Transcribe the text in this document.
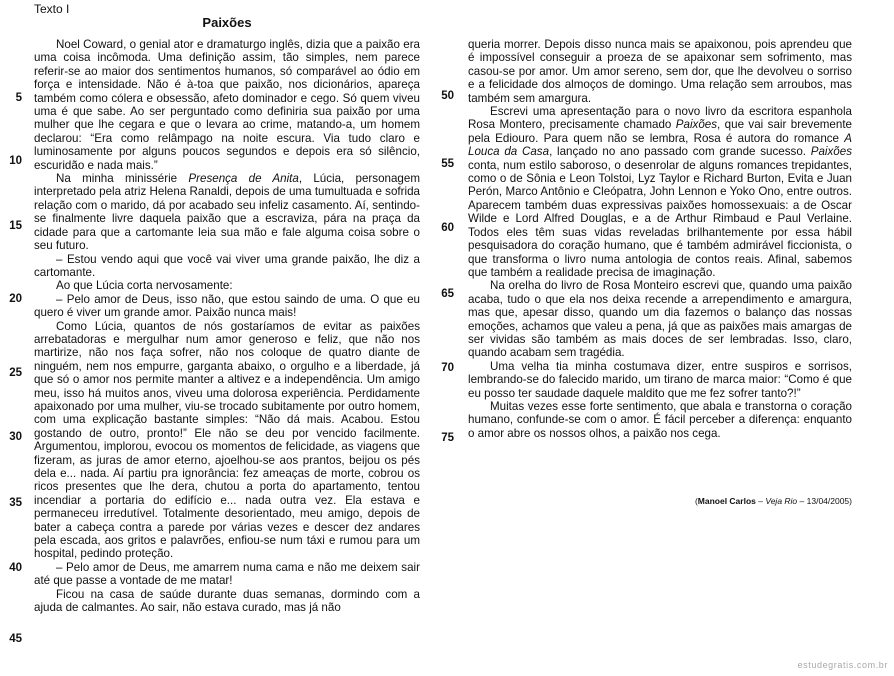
Texto I
Paixões
5
10
15
20
25
30
35
40
45
50
55
60
65
70
75

Noel Coward, o genial ator e dramaturgo inglês, dizia que a paixão era uma coisa incômoda. Uma definição assim, tão simples, nem parece referir-se ao maior dos sentimentos humanos, só comparável ao ódio em força e intensidade. Não é à-toa que paixão, nos dicionários, apareça também como cólera e obsessão, afeto dominador e cego. Só quem viveu uma é que sabe. Ao ser perguntado como definiria sua paixão por uma mulher que lhe cegara e que o levara ao crime, matando-a, um homem declarou: “Era como relâmpago na noite escura. Via tudo claro e luminosamente por alguns poucos segundos e depois era só silêncio, escuridão e nada mais.”

Na minha minissérie Presença de Anita, Lúcia, personagem interpretado pela atriz Helena Ranaldi, depois de uma tumultuada e sofrida relação com o marido, dá por acabado seu infeliz casamento. Aí, sentindo-se finalmente livre daquela paixão que a escraviza, pára na praça da cidade para que a cartomante leia sua mão e fale alguma coisa sobre o seu futuro.

– Estou vendo aqui que você vai viver uma grande paixão, lhe diz a cartomante.

Ao que Lúcia corta nervosamente:

– Pelo amor de Deus, isso não, que estou saindo de uma. O que eu quero é viver um grande amor. Paixão nunca mais!

Como Lúcia, quantos de nós gostaríamos de evitar as paixões arrebatadoras e mergulhar num amor generoso e feliz, que não nos martirize, não nos faça sofrer, não nos coloque de quatro diante de ninguém, nem nos empurre, garganta abaixo, o orgulho e a liberdade, já que só o amor nos permite manter a altivez e a independência. Um amigo meu, isso há muitos anos, viveu uma dolorosa experiência. Perdidamente apaixonado por uma mulher, viu-se trocado subitamente por outro homem, com uma explicação bastante simples: “Não dá mais. Acabou. Estou gostando de outro, pronto!” Ele não se deu por vencido facilmente. Argumentou, implorou, evocou os momentos de felicidade, as viagens que fizeram, as juras de amor eterno, ajoelhou-se aos prantos, beijou os pés dela e... nada. Aí partiu pra ignorância: fez ameaças de morte, cobrou os ricos presentes que lhe dera, chutou a porta do apartamento, tentou incendiar a portaria do edifício e... nada outra vez. Ela estava e permaneceu irredutível. Totalmente desorientado, meu amigo, depois de bater a cabeça contra a parede por várias vezes e descer dez andares pela escada, aos gritos e palavrões, enfiou-se num táxi e rumou para um hospital, pedindo proteção.

– Pelo amor de Deus, me amarrem numa cama e não me deixem sair até que passe a vontade de me matar!

Ficou na casa de saúde durante duas semanas, dormindo com a ajuda de calmantes. Ao sair, não estava curado, mas já não

queria morrer. Depois disso nunca mais se apaixonou, pois aprendeu que é impossível conseguir a proeza de se apaixonar sem sofrimento, mas casou-se por amor. Um amor sereno, sem dor, que lhe devolveu o sorriso e a felicidade dos almoços de domingo. Uma relação sem arroubos, mas também sem amargura.

Escrevi uma apresentação para o novo livro da escritora espanhola Rosa Montero, precisamente chamado Paixões, que vai sair brevemente pela Ediouro. Para quem não se lembra, Rosa é autora do romance A Louca da Casa, lançado no ano passado com grande sucesso. Paixões conta, num estilo saboroso, o desenrolar de alguns romances trepidantes, como o de Sônia e Leon Tolstoi, Lyz Taylor e Richard Burton, Evita e Juan Perón, Marco Antônio e Cleópatra, John Lennon e Yoko Ono, entre outros. Aparecem também duas expressivas paixões homossexuais: a de Oscar Wilde e Lord Alfred Douglas, e a de Arthur Rimbaud e Paul Verlaine. Todos eles têm suas vidas reveladas brilhantemente por essa hábil pesquisadora do coração humano, que é também admirável ficcionista, o que transforma o livro numa antologia de contos reais. Afinal, sabemos que também a realidade precisa de imaginação.

Na orelha do livro de Rosa Monteiro escrevi que, quando uma paixão acaba, tudo o que ela nos deixa recende a arrependimento e amargura, mas que, apesar disso, quando um dia fazemos o balanço das nossas emoções, achamos que valeu a pena, já que as paixões mais amargas de ser vividas são também as mais doces de ser lembradas. Isso, claro, quando acabam sem tragédia.

Uma velha tia minha costumava dizer, entre suspiros e sorrisos, lembrando-se do falecido marido, um tirano de marca maior: “Como é que eu posso ter saudade daquele maldito que me fez sofrer tanto?!”

Muitas vezes esse forte sentimento, que abala e transtorna o coração humano, confunde-se com o amor. É fácil perceber a diferença: enquanto o amor abre os nossos olhos, a paixão nos cega.

(Manoel Carlos – Veja Rio – 13/04/2005)
estudegratis.com.br
